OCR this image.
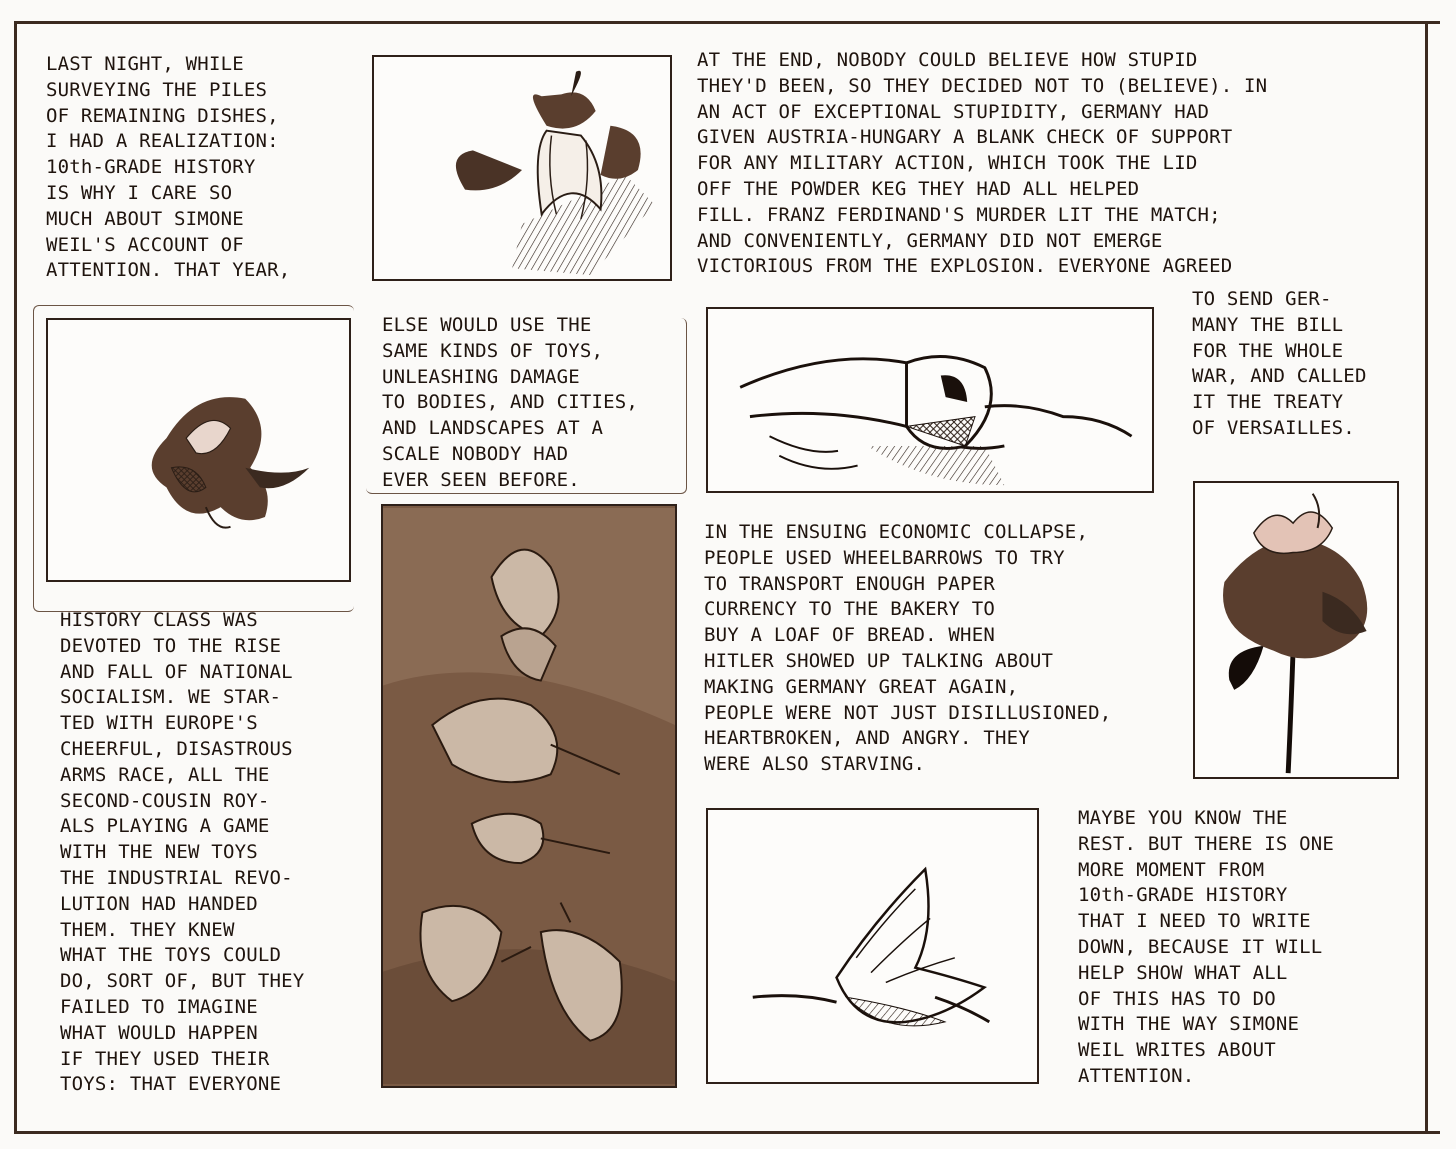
LAST NIGHT, WHILE
SURVEYING THE PILES
OF REMAINING DISHES,
I HAD A REALIZATION:
10th-GRADE HISTORY
IS WHY I CARE SO
MUCH ABOUT SIMONE
WEIL'S ACCOUNT OF
ATTENTION. THAT YEAR,
AT THE END, NOBODY COULD BELIEVE HOW STUPID
THEY'D BEEN, SO THEY DECIDED NOT TO (BELIEVE). IN
AN ACT OF EXCEPTIONAL STUPIDITY, GERMANY HAD
GIVEN AUSTRIA-HUNGARY A BLANK CHECK OF SUPPORT
FOR ANY MILITARY ACTION, WHICH TOOK THE LID
OFF THE POWDER KEG THEY HAD ALL HELPED
FILL. FRANZ FERDINAND'S MURDER LIT THE MATCH;
AND CONVENIENTLY, GERMANY DID NOT EMERGE
VICTORIOUS FROM THE EXPLOSION. EVERYONE AGREED
TO SEND GER-
MANY THE BILL
FOR THE WHOLE
WAR, AND CALLED
IT THE TREATY
OF VERSAILLES.
ELSE WOULD USE THE
SAME KINDS OF TOYS,
UNLEASHING DAMAGE
TO BODIES, AND CITIES,
AND LANDSCAPES AT A
SCALE NOBODY HAD
EVER SEEN BEFORE.
HISTORY CLASS WAS
DEVOTED TO THE RISE
AND FALL OF NATIONAL
SOCIALISM. WE STAR-
TED WITH EUROPE'S
CHEERFUL, DISASTROUS
ARMS RACE, ALL THE
SECOND-COUSIN ROY-
ALS PLAYING A GAME
WITH THE NEW TOYS
THE INDUSTRIAL REVO-
LUTION HAD HANDED
THEM. THEY KNEW
WHAT THE TOYS COULD
DO, SORT OF, BUT THEY
FAILED TO IMAGINE
WHAT WOULD HAPPEN
IF THEY USED THEIR
TOYS: THAT EVERYONE
IN THE ENSUING ECONOMIC COLLAPSE,
PEOPLE USED WHEELBARROWS TO TRY
TO TRANSPORT ENOUGH PAPER
CURRENCY TO THE BAKERY TO
BUY A LOAF OF BREAD. WHEN
HITLER SHOWED UP TALKING ABOUT
MAKING GERMANY GREAT AGAIN,
PEOPLE WERE NOT JUST DISILLUSIONED,
HEARTBROKEN, AND ANGRY. THEY
WERE ALSO STARVING.
MAYBE YOU KNOW THE
REST. BUT THERE IS ONE
MORE MOMENT FROM
10th-GRADE HISTORY
THAT I NEED TO WRITE
DOWN, BECAUSE IT WILL
HELP SHOW WHAT ALL
OF THIS HAS TO DO
WITH THE WAY SIMONE
WEIL WRITES ABOUT
ATTENTION.
